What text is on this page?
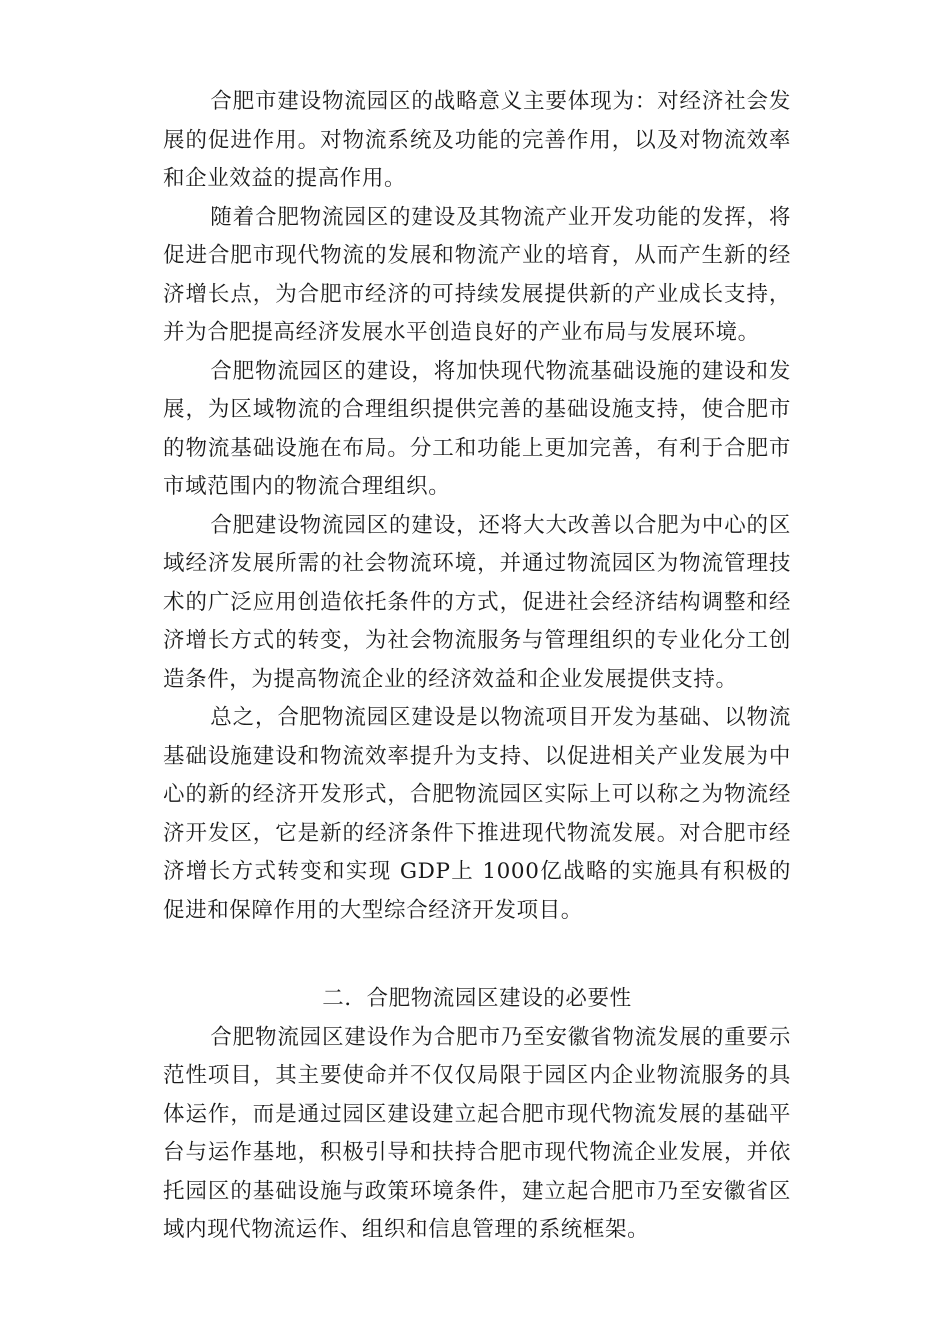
合肥市建设物流园区的战略意义主要体现为：对经济社会发展的促进作用。对物流系统及功能的完善作用，以及对物流效率和企业效益的提高作用。

随着合肥物流园区的建设及其物流产业开发功能的发挥，将促进合肥市现代物流的发展和物流产业的培育，从而产生新的经济增长点，为合肥市经济的可持续发展提供新的产业成长支持，并为合肥提高经济发展水平创造良好的产业布局与发展环境。

合肥物流园区的建设，将加快现代物流基础设施的建设和发展，为区域物流的合理组织提供完善的基础设施支持，使合肥市的物流基础设施在布局。分工和功能上更加完善，有利于合肥市市域范围内的物流合理组织。

合肥建设物流园区的建设，还将大大改善以合肥为中心的区域经济发展所需的社会物流环境，并通过物流园区为物流管理技术的广泛应用创造依托条件的方式，促进社会经济结构调整和经济增长方式的转变，为社会物流服务与管理组织的专业化分工创造条件，为提高物流企业的经济效益和企业发展提供支持。

总之，合肥物流园区建设是以物流项目开发为基础、以物流基础设施建设和物流效率提升为支持、以促进相关产业发展为中心的新的经济开发形式，合肥物流园区实际上可以称之为物流经济开发区，它是新的经济条件下推进现代物流发展。对合肥市经济增长方式转变和实现 GDP上 1000亿战略的实施具有积极的促进和保障作用的大型综合经济开发项目。

二．合肥物流园区建设的必要性

合肥物流园区建设作为合肥市乃至安徽省物流发展的重要示范性项目，其主要使命并不仅仅局限于园区内企业物流服务的具体运作，而是通过园区建设建立起合肥市现代物流发展的基础平台与运作基地，积极引导和扶持合肥市现代物流企业发展，并依托园区的基础设施与政策环境条件，建立起合肥市乃至安徽省区域内现代物流运作、组织和信息管理的系统框架。
